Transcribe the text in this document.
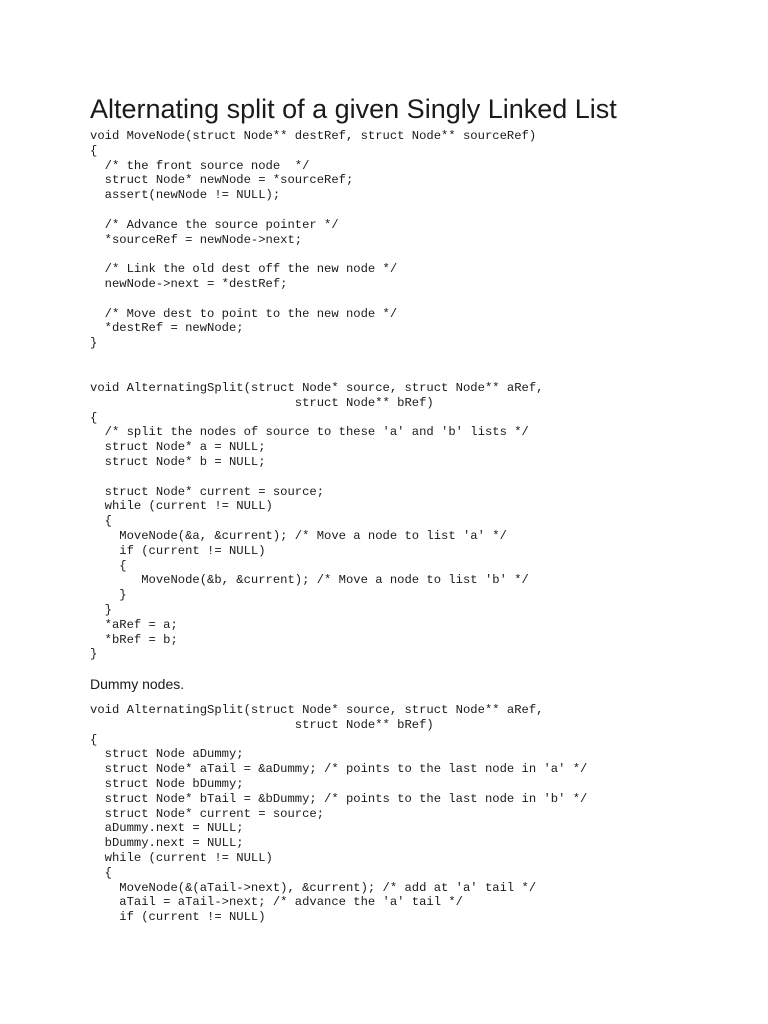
Alternating split of a given Singly Linked List
void MoveNode(struct Node** destRef, struct Node** sourceRef)
{
/* the front source node  */
struct Node* newNode = *sourceRef;
assert(newNode != NULL);

/* Advance the source pointer */
*sourceRef = newNode->next;

/* Link the old dest off the new node */
newNode->next = *destRef;

/* Move dest to point to the new node */
*destRef = newNode;
}
void AlternatingSplit(struct Node* source, struct Node** aRef,
struct Node** bRef)
{
/* split the nodes of source to these 'a' and 'b' lists */
struct Node* a = NULL;
struct Node* b = NULL;

struct Node* current = source;
while (current != NULL)
{
MoveNode(&a, &current); /* Move a node to list 'a' */
if (current != NULL)
{
MoveNode(&b, &current); /* Move a node to list 'b' */
}
}
*aRef = a;
*bRef = b;
}

Dummy nodes.

void AlternatingSplit(struct Node* source, struct Node** aRef,
struct Node** bRef)
{
struct Node aDummy;
struct Node* aTail = &aDummy; /* points to the last node in 'a' */
struct Node bDummy;
struct Node* bTail = &bDummy; /* points to the last node in 'b' */
struct Node* current = source;
aDummy.next = NULL;
bDummy.next = NULL;
while (current != NULL)
{
MoveNode(&(aTail->next), &current); /* add at 'a' tail */
aTail = aTail->next; /* advance the 'a' tail */
if (current != NULL)
